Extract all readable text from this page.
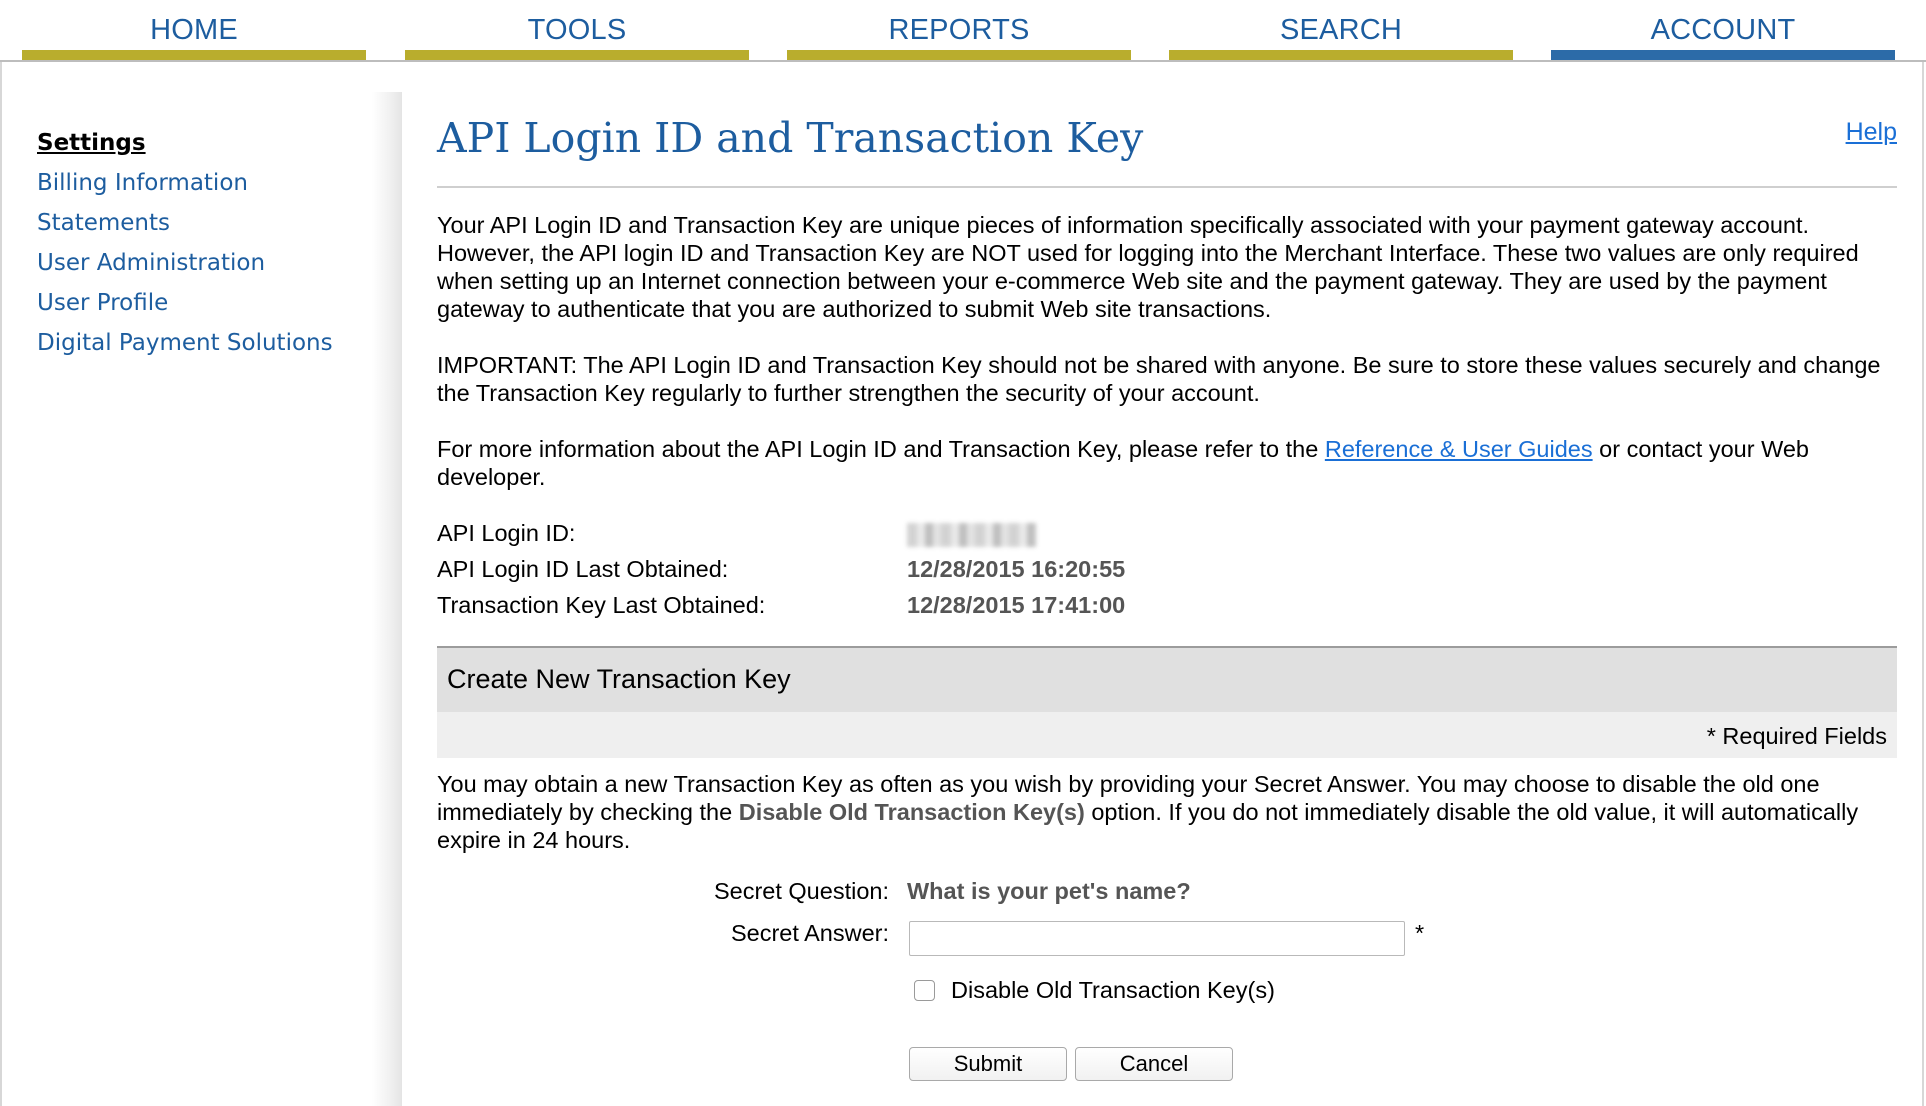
HOME	TOOLS	REPORTS	SEARCH	ACCOUNT
Settings
Billing Information
Statements
User Administration
User Profile
Digital Payment Solutions
API Login ID and Transaction Key	Help

Your API Login ID and Transaction Key are unique pieces of information specifically associated with your payment gateway account. However, the API login ID and Transaction Key are NOT used for logging into the Merchant Interface. These two values are only required when setting up an Internet connection between your e-commerce Web site and the payment gateway. They are used by the payment gateway to authenticate that you are authorized to submit Web site transactions.

IMPORTANT: The API Login ID and Transaction Key should not be shared with anyone. Be sure to store these values securely and change the Transaction Key regularly to further strengthen the security of your account.

For more information about the API Login ID and Transaction Key, please refer to the Reference & User Guides or contact your Web developer.

API Login ID:
API Login ID Last Obtained:	12/28/2015 16:20:55
Transaction Key Last Obtained:	12/28/2015 17:41:00
Create New Transaction Key
* Required Fields

You may obtain a new Transaction Key as often as you wish by providing your Secret Answer. You may choose to disable the old one immediately by checking the Disable Old Transaction Key(s) option. If you do not immediately disable the old value, it will automatically expire in 24 hours.

Secret Question: What is your pet's name?
Secret Answer:	*
Disable Old Transaction Key(s)
Submit	Cancel
